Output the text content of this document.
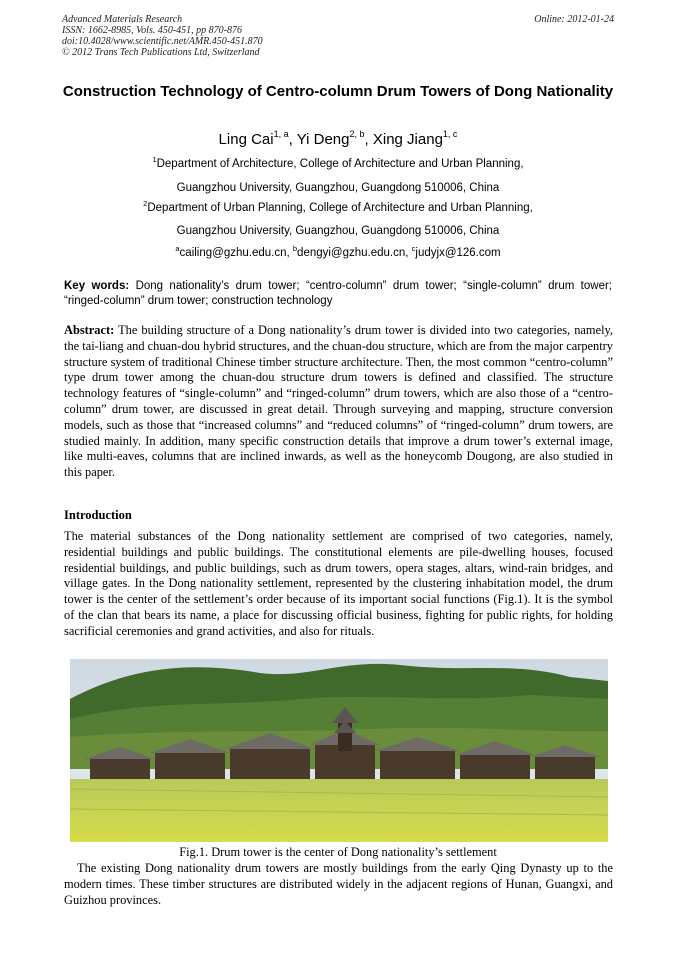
Advanced Materials Research
ISSN: 1662-8985, Vols. 450-451, pp 870-876
doi:10.4028/www.scientific.net/AMR.450-451.870
© 2012 Trans Tech Publications Ltd, Switzerland
Online: 2012-01-24
Construction Technology of Centro-column Drum Towers of Dong Nationality
Ling Cai$^{1, a}$, Yi Deng$^{2, b}$, Xing Jiang$^{1, c}$
$^1$Department of Architecture, College of Architecture and Urban Planning,
Guangzhou University, Guangzhou, Guangdong 510006, China
$^2$Department of Urban Planning, College of Architecture and Urban Planning,
Guangzhou University, Guangzhou, Guangdong 510006, China
$^a$cailing@gzhu.edu.cn, $^b$dengyi@gzhu.edu.cn, $^c$judyjx@126.com
Key words: Dong nationality’s drum tower; “centro-column” drum tower; “single-column” drum tower; “ringed-column” drum tower; construction technology
Abstract: The building structure of a Dong nationality’s drum tower is divided into two categories, namely, the tai-liang and chuan-dou hybrid structures, and the chuan-dou structure, which are from the major carpentry structure system of traditional Chinese timber structure architecture. Then, the most common “centro-column” type drum tower among the chuan-dou structure drum towers is defined and classified. The structure technology features of “single-column” and “ringed-column” drum towers, which are also those of a “centro-column” drum tower, are discussed in great detail. Through surveying and mapping, structure conversion models, such as those that “increased columns” and “reduced columns” of “ringed-column” drum towers, are studied mainly. In addition, many specific construction details that improve a drum tower’s external image, like multi-eaves, columns that are inclined inwards, as well as the honeycomb Dougong, are also studied in this paper.
Introduction
The material substances of the Dong nationality settlement are comprised of two categories, namely, residential buildings and public buildings. The constitutional elements are pile-dwelling houses, focused residential buildings, and public buildings, such as drum towers, opera stages, altars, wind-rain bridges, and village gates. In the Dong nationality settlement, represented by the clustering inhabitation model, the drum tower is the center of the settlement’s order because of its important social functions (Fig.1). It is the symbol of the clan that bears its name, a place for discussing official business, fighting for public rights, for holding sacrificial ceremonies and grand activities, and also for rituals.
Fig.1. Drum tower is the center of Dong nationality’s settlement
The existing Dong nationality drum towers are mostly buildings from the early Qing Dynasty up to the modern times. These timber structures are distributed widely in the adjacent regions of Hunan, Guangxi, and Guizhou provinces.
